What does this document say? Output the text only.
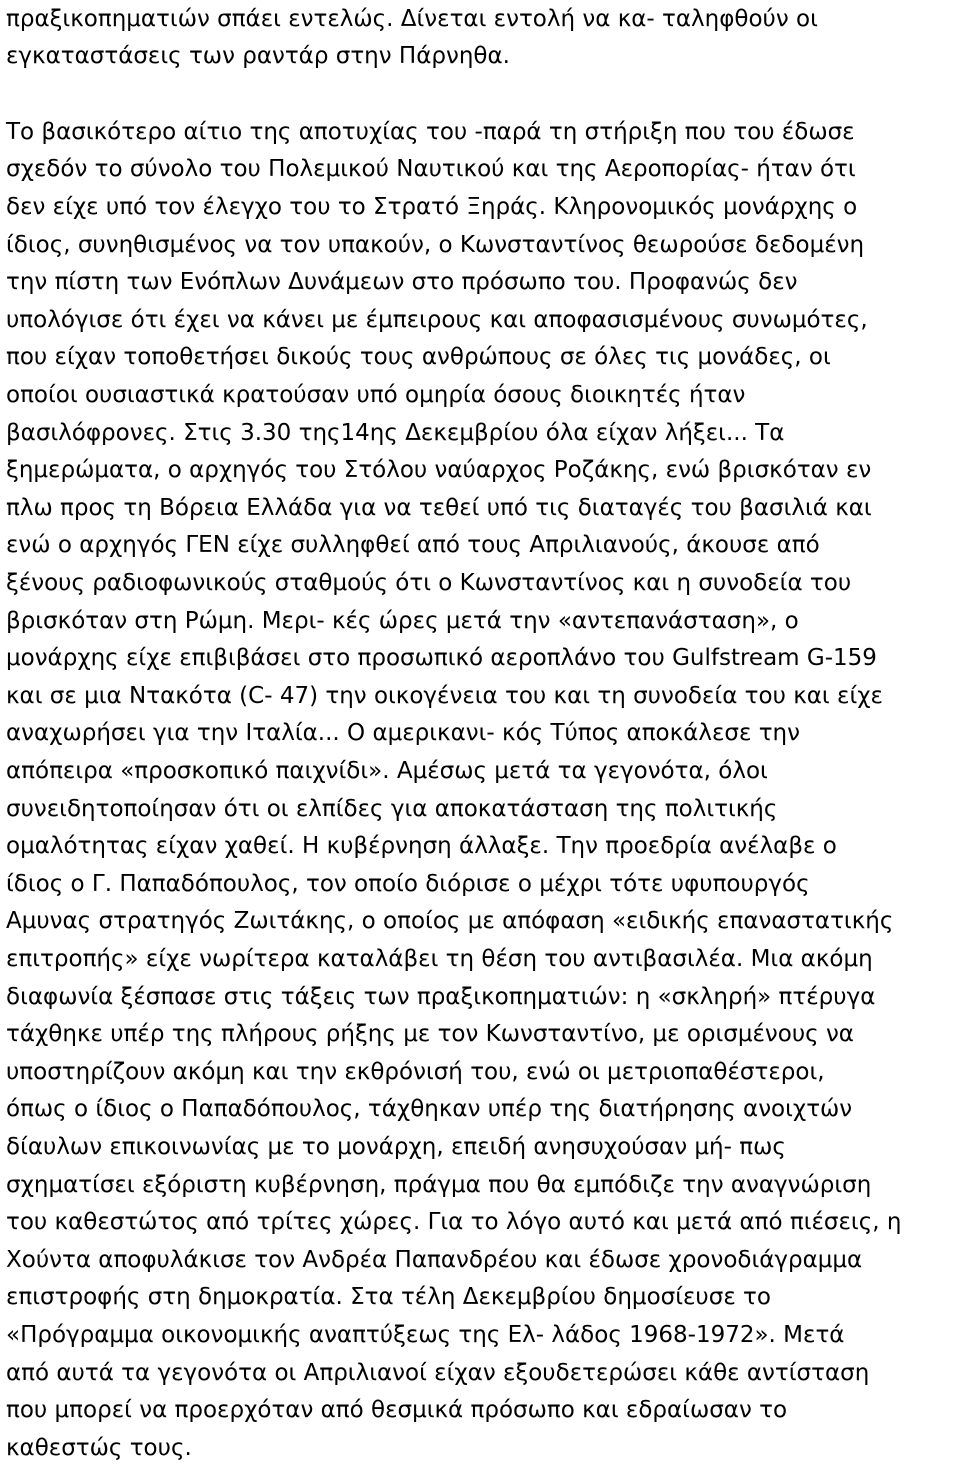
πραξικοπηματιών σπάει εντελώς. Δίνεται εντολή να κα- ταληφθούν οι
εγκαταστάσεις των ραντάρ στην Πάρνηθα.
Το βασικότερο αίτιο της αποτυχίας του -παρά τη στήριξη που του έδωσε
σχεδόν το σύνολο του Πολεμικού Ναυτικού και της Αεροπορίας- ήταν ότι
δεν είχε υπό τον έλεγχο του το Στρατό Ξηράς. Κληρονομικός μονάρχης ο
ίδιος, συνηθισμένος να τον υπακούν, ο Κωνσταντίνος θεωρούσε δεδομένη
την πίστη των Ενόπλων Δυνάμεων στο πρόσωπο του. Προφανώς δεν
υπολόγισε ότι έχει να κάνει με έμπειρους και αποφασισμένους συνωμότες,
που είχαν τοποθετήσει δικούς τους ανθρώπους σε όλες τις μονάδες, οι
οποίοι ουσιαστικά κρατούσαν υπό ομηρία όσους διοικητές ήταν
βασιλόφρονες. Στις 3.30 της14ης Δεκεμβρίου όλα είχαν λήξει... Τα
ξημερώματα, ο αρχηγός του Στόλου ναύαρχος Ροζάκης, ενώ βρισκόταν εν
πλω προς τη Βόρεια Ελλάδα για να τεθεί υπό τις διαταγές του βασιλιά και
ενώ ο αρχηγός ΓΕΝ είχε συλληφθεί από τους Απριλιανούς, άκουσε από
ξένους ραδιοφωνικούς σταθμούς ότι ο Κωνσταντίνος και η συνοδεία του
βρισκόταν στη Ρώμη. Μερι- κές ώρες μετά την «αντεπανάσταση», ο
μονάρχης είχε επιβιβάσει στο προσωπικό αεροπλάνο του Gulfstream G-159
και σε μια Ντακότα (C- 47) την οικογένεια του και τη συνοδεία του και είχε
αναχωρήσει για την Ιταλία... Ο αμερικανι- κός Τύπος αποκάλεσε την
απόπειρα «προσκοπικό παιχνίδι». Αμέσως μετά τα γεγονότα, όλοι
συνειδητοποίησαν ότι οι ελπίδες για αποκατάσταση της πολιτικής
ομαλότητας είχαν χαθεί. Η κυβέρνηση άλλαξε. Την προεδρία ανέλαβε ο
ίδιος ο Γ. Παπαδόπουλος, τον οποίο διόρισε ο μέχρι τότε υφυπουργός
Αμυνας στρατηγός Ζωιτάκης, ο οποίος με απόφαση «ειδικής επαναστατικής
επιτροπής» είχε νωρίτερα καταλάβει τη θέση του αντιβασιλέα. Μια ακόμη
διαφωνία ξέσπασε στις τάξεις των πραξικοπηματιών: η «σκληρή» πτέρυγα
τάχθηκε υπέρ της πλήρους ρήξης με τον Κωνσταντίνο, με ορισμένους να
υποστηρίζουν ακόμη και την εκθρόνισή του, ενώ οι μετριοπαθέστεροι,
όπως ο ίδιος ο Παπαδόπουλος, τάχθηκαν υπέρ της διατήρησης ανοιχτών
δίαυλων επικοινωνίας με το μονάρχη, επειδή ανησυχούσαν μή- πως
σχηματίσει εξόριστη κυβέρνηση, πράγμα που θα εμπόδιζε την αναγνώριση
του καθεστώτος από τρίτες χώρες. Για το λόγο αυτό και μετά από πιέσεις, η
Χούντα αποφυλάκισε τον Ανδρέα Παπανδρέου και έδωσε χρονοδιάγραμμα
επιστροφής στη δημοκρατία. Στα τέλη Δεκεμβρίου δημοσίευσε το
«Πρόγραμμα οικονομικής αναπτύξεως της Ελ- λάδος 1968-1972». Μετά
από αυτά τα γεγονότα οι Απριλιανοί είχαν εξουδετερώσει κάθε αντίσταση
που μπορεί να προερχόταν από θεσμικά πρόσωπο και εδραίωσαν το
καθεστώς τους.
